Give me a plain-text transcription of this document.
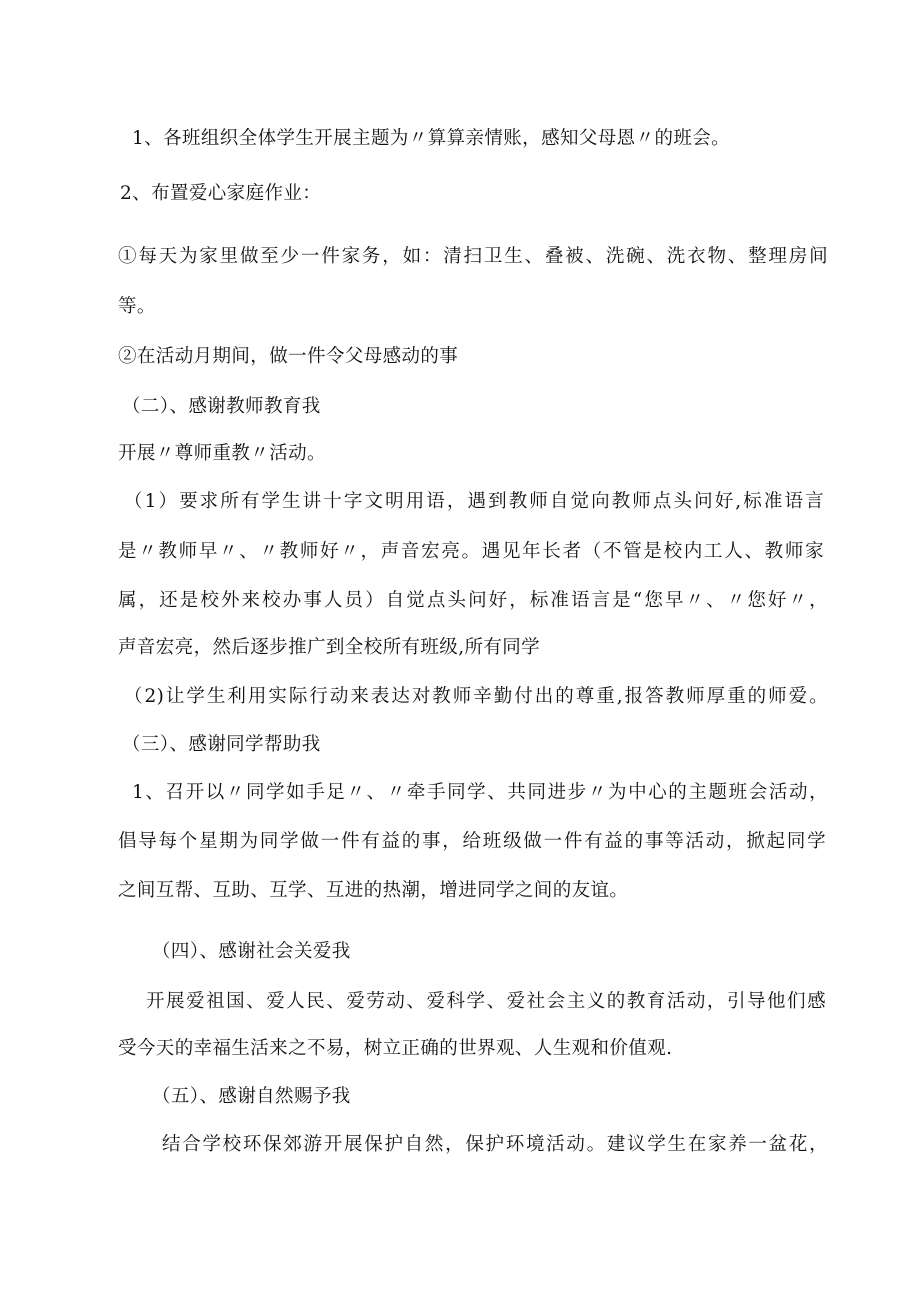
1、各班组织全体学生开展主题为〃算算亲情账，感知父母恩〃的班会。
2、布置爱心家庭作业：
①每天为家里做至少一件家务，如：清扫卫生、叠被、洗碗、洗衣物、整理房间
等。
②在活动月期间，做一件令父母感动的事
（二）、感谢教师教育我
开展〃尊师重教〃活动。
（1）要求所有学生讲十字文明用语，遇到教师自觉向教师点头问好,标准语言
是〃教师早〃、〃教师好〃，声音宏亮。遇见年长者（不管是校内工人、教师家
属，还是校外来校办事人员）自觉点头问好，标准语言是“您早〃、〃您好〃，
声音宏亮，然后逐步推广到全校所有班级,所有同学
（2)让学生利用实际行动来表达对教师辛勤付出的尊重,报答教师厚重的师爱。
（三）、感谢同学帮助我
1、召开以〃同学如手足〃、〃牵手同学、共同进步〃为中心的主题班会活动，
倡导每个星期为同学做一件有益的事，给班级做一件有益的事等活动，掀起同学
之间互帮、互助、互学、互进的热潮，增进同学之间的友谊。
（四）、感谢社会关爱我
开展爱祖国、爱人民、爱劳动、爱科学、爱社会主义的教育活动，引导他们感
受今天的幸福生活来之不易，树立正确的世界观、人生观和价值观.
（五）、感谢自然赐予我
结合学校环保郊游开展保护自然，保护环境活动。建议学生在家养一盆花，
